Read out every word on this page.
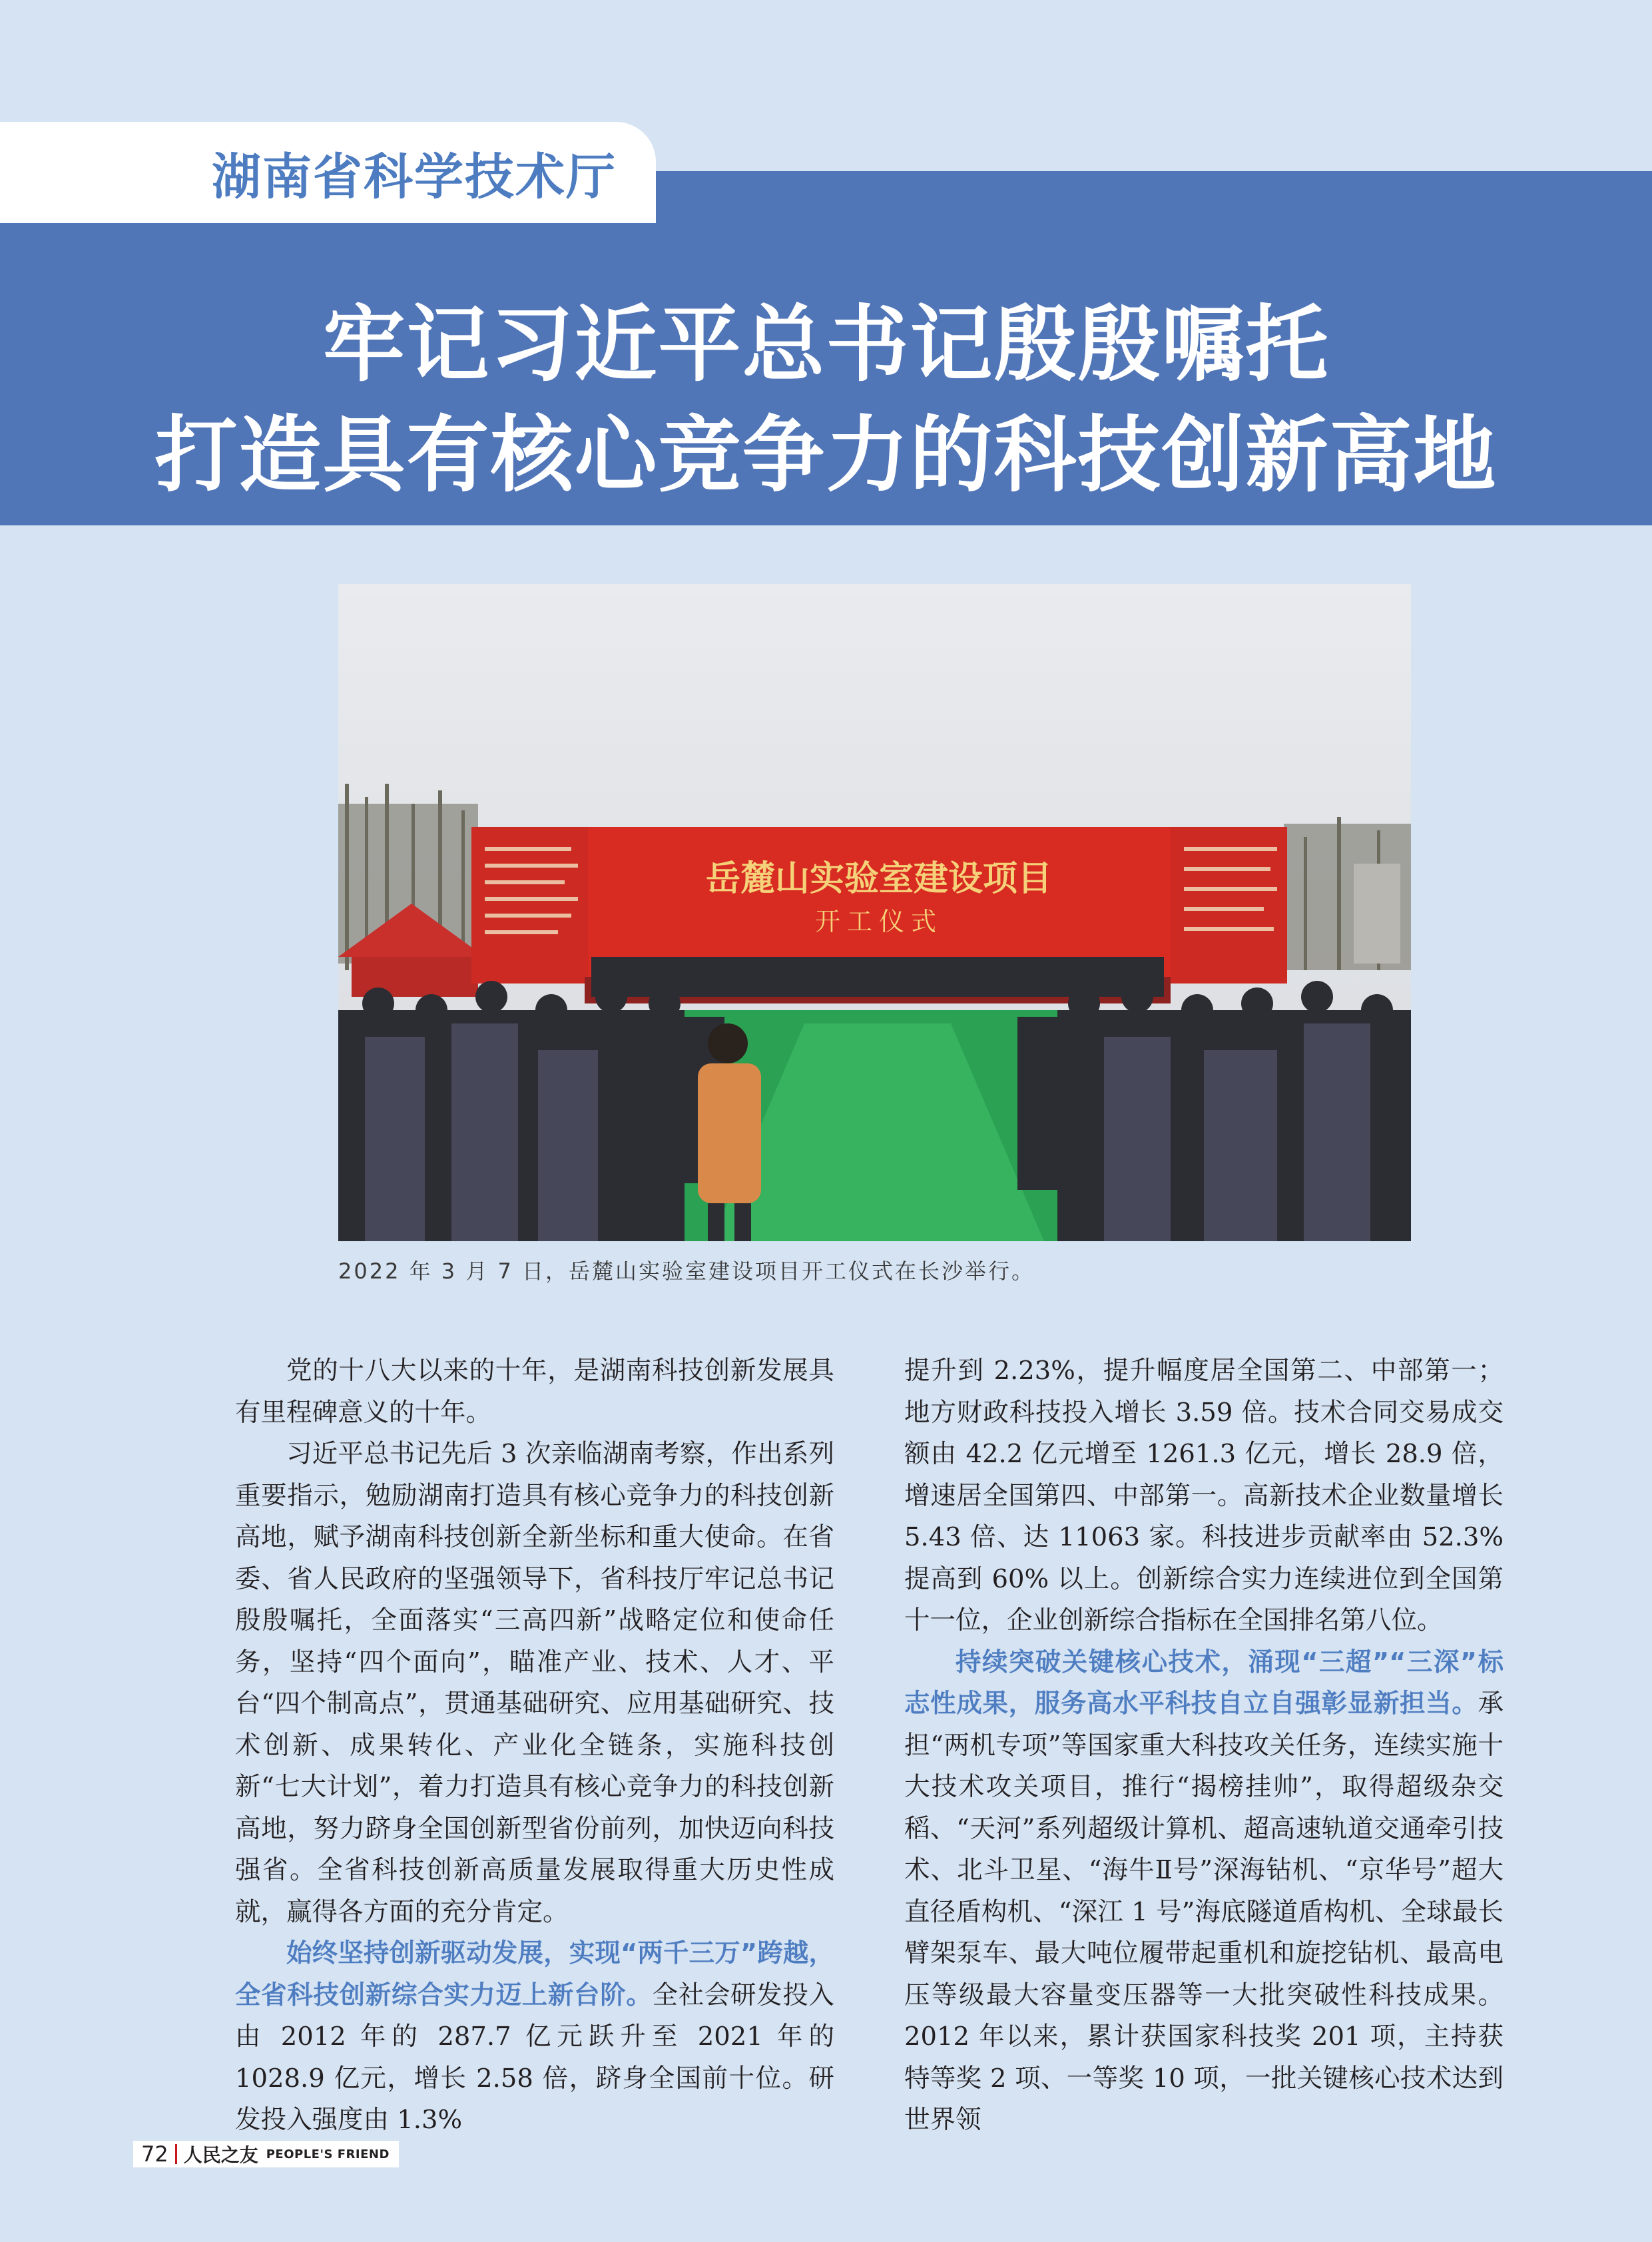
湖南省科学技术厅
牢记习近平总书记殷殷嘱托
打造具有核心竞争力的科技创新高地
岳麓山实验室建设项目
开工仪式
2022 年 3 月 7 日，岳麓山实验室建设项目开工仪式在长沙举行。

党的十八大以来的十年，是湖南科技创新发展具有里程碑意义的十年。

习近平总书记先后 3 次亲临湖南考察，作出系列重要指示，勉励湖南打造具有核心竞争力的科技创新高地，赋予湖南科技创新全新坐标和重大使命。在省委、省人民政府的坚强领导下，省科技厅牢记总书记殷殷嘱托，全面落实“三高四新”战略定位和使命任务，坚持“四个面向”，瞄准产业、技术、人才、平台“四个制高点”，贯通基础研究、应用基础研究、技术创新、成果转化、产业化全链条，实施科技创新“七大计划”，着力打造具有核心竞争力的科技创新高地，努力跻身全国创新型省份前列，加快迈向科技强省。全省科技创新高质量发展取得重大历史性成就，赢得各方面的充分肯定。

始终坚持创新驱动发展，实现“两千三万”跨越，全省科技创新综合实力迈上新台阶。全社会研发投入由 2012 年的 287.7 亿元跃升至 2021 年的 1028.9 亿元，增长 2.58 倍，跻身全国前十位。研发投入强度由 1.3%

提升到 2.23%，提升幅度居全国第二、中部第一；地方财政科技投入增长 3.59 倍。技术合同交易成交额由 42.2 亿元增至 1261.3 亿元，增长 28.9 倍，增速居全国第四、中部第一。高新技术企业数量增长 5.43 倍、达 11063 家。科技进步贡献率由 52.3% 提高到 60% 以上。创新综合实力连续进位到全国第十一位，企业创新综合指标在全国排名第八位。

持续突破关键核心技术，涌现“三超”“三深”标志性成果，服务高水平科技自立自强彰显新担当。承担“两机专项”等国家重大科技攻关任务，连续实施十大技术攻关项目，推行“揭榜挂帅”，取得超级杂交稻、“天河”系列超级计算机、超高速轨道交通牵引技术、北斗卫星、“海牛Ⅱ号”深海钻机、“京华号”超大直径盾构机、“深江 1 号”海底隧道盾构机、全球最长臂架泵车、最大吨位履带起重机和旋挖钻机、最高电压等级最大容量变压器等一大批突破性科技成果。2012 年以来，累计获国家科技奖 201 项，主持获特等奖 2 项、一等奖 10 项，一批关键核心技术达到世界领

72 人民之友 PEOPLE'S FRIEND
